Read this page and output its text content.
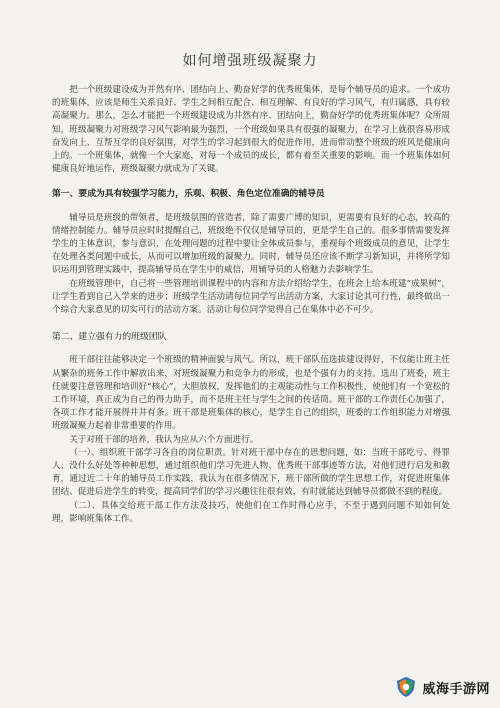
如何增强班级凝聚力

把一个班级建设成为井然有序、团结向上、勤奋好学的优秀班集体，是每个辅导员的追求。一个成功的班集体，应该是师生关系良好、学生之间相互配合、相互理解、有良好的学习风气，有归属感，具有较高凝聚力。那么，怎么才能把一个班级建设成为井然有序、团结向上，勤奋好学的优秀班集体呢？众所周知，班级凝聚力对班级学习风气影响最为强烈，一个班级如果具有很强的凝聚力，在学习上就很容易形成奋发向上、互帮互学的良好氛围，对学生的学习起到很大的促进作用，进而带动整个班级的班风是健康向上的。一个班集体，就像一个大家庭，对每一个成员的成长，都有着至关重要的影响。而一个班集体如何健康良好地运作，班级凝聚力就成为了关键。

第一、要成为具有较强学习能力，乐观、积极、角色定位准确的辅导员

辅导员是班级的带领者，是班级氛围的营造者，除了需要广博的知识，更需要有良好的心态，较高的情绪控制能力。辅导员应时时提醒自己，班级绝不仅仅是辅导员的，更是学生自己的。很多事情需要发挥学生的主体意识，参与意识，在处理问题的过程中要让全体成员参与，重视每个班级成员的意见，让学生在处理各类问题中成长，从而可以增加班级的凝聚力。同时，辅导员还应该不断学习新知识，并将所学知识运用到管理实践中，提高辅导员在学生中的威信，用辅导员的人格魅力去影响学生。

在班级管理中，自己将一些管理培训课程中的内容和方法介绍给学生，在班会上给本班建“成果树”，让学生看到自己入学来的进步；班级学生活动请每位同学写出活动方案，大家讨论其可行性，最终做出一个综合大家意见的切实可行的活动方案。活动让每位同学觉得自己在集体中必不可少。

第二、建立强有力的班级团队

班干部往往能够决定一个班级的精神面貌与风气。所以，班干部队伍选拔建设得好，不仅能让班主任从繁杂的班务工作中解放出来，对班级凝聚力和竞争力的形成，也是个强有力的支持。选出了班委，班主任就要注意管理和培训好“核心”，大胆放权，发挥他们的主观能动性与工作积极性，使他们有一个宽松的工作环境，真正成为自己的得力助手，而不是班主任与学生之间的传话筒。班干部的工作责任心加强了，各项工作才能开展得井井有条。班干部是班集体的核心，是学生自己的组织，班委的工作组织能力对增强班级凝聚力起着非常重要的作用。

关于对班干部的培养，我认为应从六个方面进行。

（一）、组织班干部学习各自的岗位职责。针对班干部中存在的思想问题，如：当班干部吃亏、得罪人、没什么好处等种种思想，通过组织他们学习先进人物、优秀班干部事迹等方法，对他们进行启发和教育，通过近二十年的辅导员工作实践，我认为在很多情况下，班干部所做的学生思想工作，对促进班集体团结、促进后进学生的转变，提高同学们的学习兴趣往往很有效，有时就能达到辅导员都做不到的程度。

（二）、具体交给班干部工作方法及技巧，使他们在工作时得心应手，不至于遇到问题不知如何处理，影响班集体工作。

威海手游网
